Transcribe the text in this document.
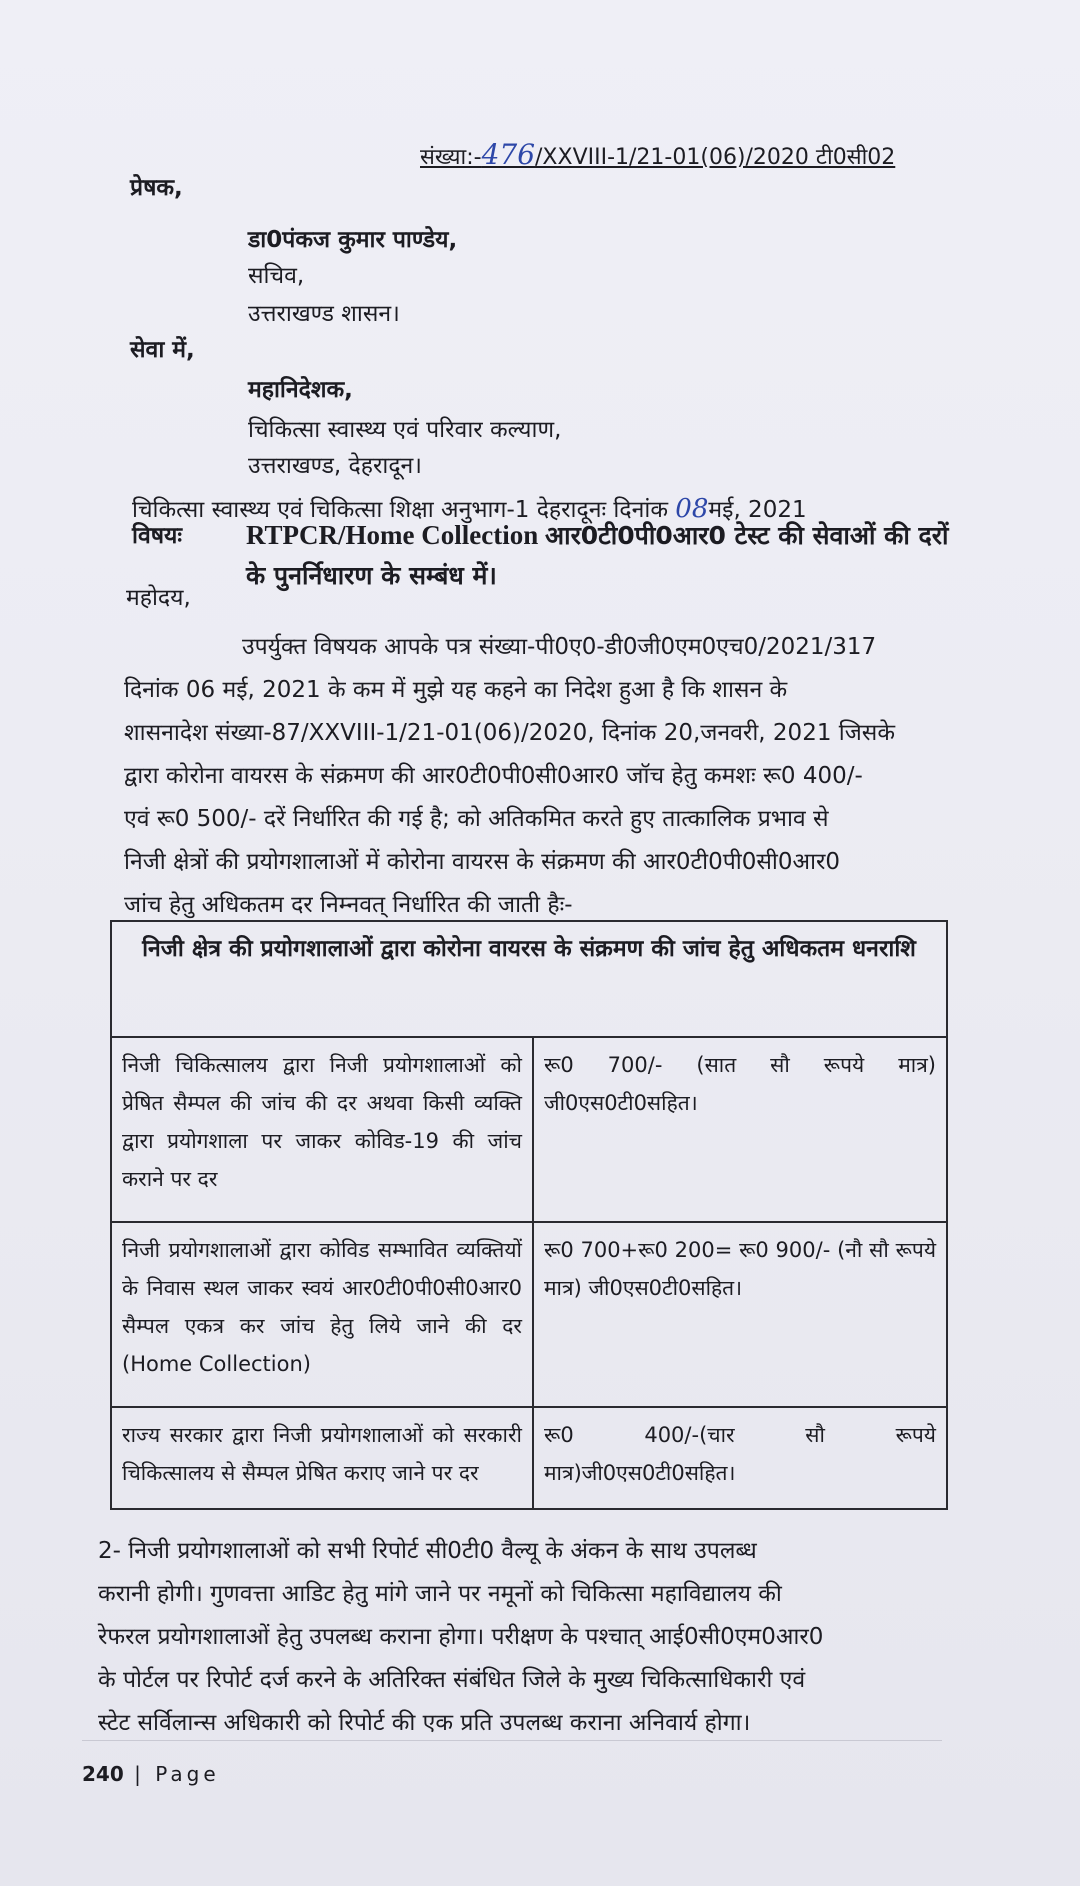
संख्या:-476/XXVIII-1/21-01(06)/2020 टी0सी02
प्रेषक,
डा0पंकज कुमार पाण्डेय,
सचिव,
उत्तराखण्ड शासन।
सेवा में,
महानिदेशक,
चिकित्सा स्वास्थ्य एवं परिवार कल्याण,
उत्तराखण्ड, देहरादून।
चिकित्सा स्वास्थ्य एवं चिकित्सा शिक्षा अनुभाग-1 देहरादूनः दिनांक 08मई, 2021
विषयः RTPCR/Home Collection आर0टी0पी0आर0 टेस्ट की सेवाओं की दरों
के पुनर्निधारण के सम्बंध में।
महोदय,
उपर्युक्त विषयक आपके पत्र संख्या-पी0ए0-डी0जी0एम0एच0/2021/317
दिनांक 06 मई, 2021 के कम में मुझे यह कहने का निदेश हुआ है कि शासन के
शासनादेश संख्या-87/XXVIII-1/21-01(06)/2020, दिनांक 20,जनवरी, 2021 जिसके
द्वारा कोरोना वायरस के संक्रमण की आर0टी0पी0सी0आर0 जॉच हेतु कमशः रू0 400/-
एवं रू0 500/- दरें निर्धारित की गई है; को अतिकमित करते हुए तात्कालिक प्रभाव से
निजी क्षेत्रों की प्रयोगशालाओं में कोरोना वायरस के संक्रमण की आर0टी0पी0सी0आर0
जांच हेतु अधिकतम दर निम्नवत् निर्धारित की जाती हैः-
निजी क्षेत्र की प्रयोगशालाओं द्वारा कोरोना वायरस के संक्रमण की जांच हेतु अधिकतम धनराशि	
निजी चिकित्सालय द्वारा निजी प्रयोगशालाओं को प्रेषित सैम्पल की जांच की दर अथवा किसी व्यक्ति द्वारा प्रयोगशाला पर जाकर कोविड-19 की जांच कराने पर दर	रू0 700/- (सात सौ रूपये मात्र) जी0एस0टी0सहित।
निजी प्रयोगशालाओं द्वारा कोविड सम्भावित व्यक्तियों के निवास स्थल जाकर स्वयं आर0टी0पी0सी0आर0 सैम्पल एकत्र कर जांच हेतु लिये जाने की दर (Home Collection)	रू0 700+रू0 200= रू0 900/- (नौ सौ रूपये मात्र) जी0एस0टी0सहित।
राज्य सरकार द्वारा निजी प्रयोगशालाओं को सरकारी चिकित्सालय से सैम्पल प्रेषित कराए जाने पर दर	रू0 400/-(चार सौ रूपये मात्र)जी0एस0टी0सहित।
2- निजी प्रयोगशालाओं को सभी रिपोर्ट सी0टी0 वैल्यू के अंकन के साथ उपलब्ध
करानी होगी। गुणवत्ता आडिट हेतु मांगे जाने पर नमूनों को चिकित्सा महाविद्यालय की
रेफरल प्रयोगशालाओं हेतु उपलब्ध कराना होगा। परीक्षण के पश्चात् आई0सी0एम0आर0
के पोर्टल पर रिपोर्ट दर्ज करने के अतिरिक्त संबंधित जिले के मुख्य चिकित्साधिकारी एवं
स्टेट सर्विलान्स अधिकारी को रिपोर्ट की एक प्रति उपलब्ध कराना अनिवार्य होगा।
240 | Page
